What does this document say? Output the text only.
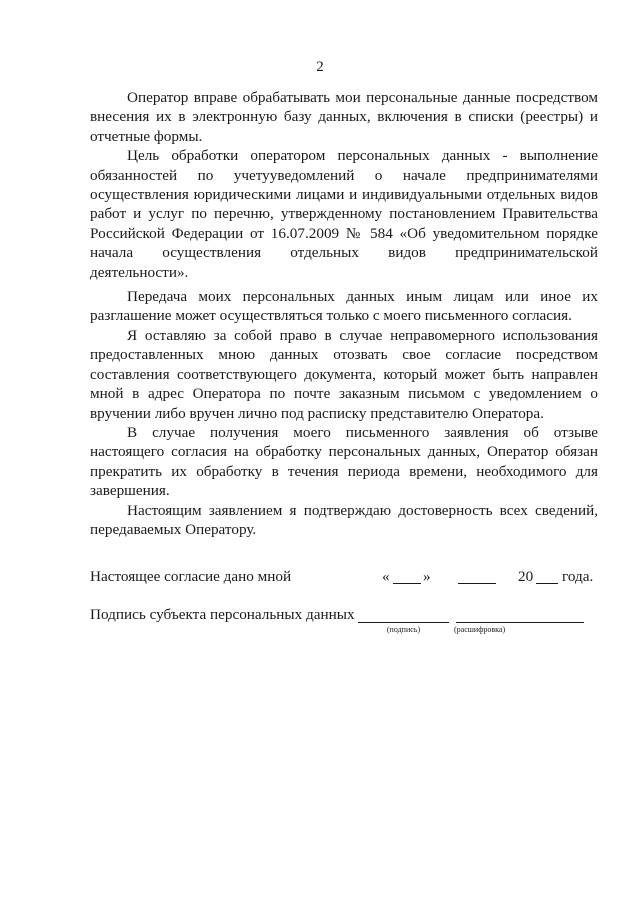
2

Оператор вправе обрабатывать мои персональные данные посредством внесения их в электронную базу данных, включения в списки (реестры) и отчетные формы.

Цель обработки оператором персональных данных - выполнение обязанностей по учетууведомлений о начале предпринимателями осуществления юридическими лицами и индивидуальными отдельных видов работ и услуг по перечню, утвержденному постановлением Правительства Российской Федерации от 16.07.2009 № 584 «Об уведомительном порядке начала осуществления отдельных видов предпринимательской деятельности».

Передача моих персональных данных иным лицам или иное их разглашение может осуществляться только с моего письменного согласия.

Я оставляю за собой право в случае неправомерного использования предоставленных мною данных отозвать свое согласие посредством составления соответствующего документа, который может быть направлен мной в адрес Оператора по почте заказным письмом с уведомлением о вручении либо вручен лично под расписку представителю Оператора.

В случае получения моего письменного заявления об отзыве настоящего согласия на обработку персональных данных, Оператор обязан прекратить их обработку в течения периода времени, необходимого для завершения.

Настоящим заявлением я подтверждаю достоверность всех сведений, передаваемых Оператору.

Настоящее согласие дано мной	« »	20 года.
Подпись субъекта персональных данных
(подпись)	(расшифровка)
